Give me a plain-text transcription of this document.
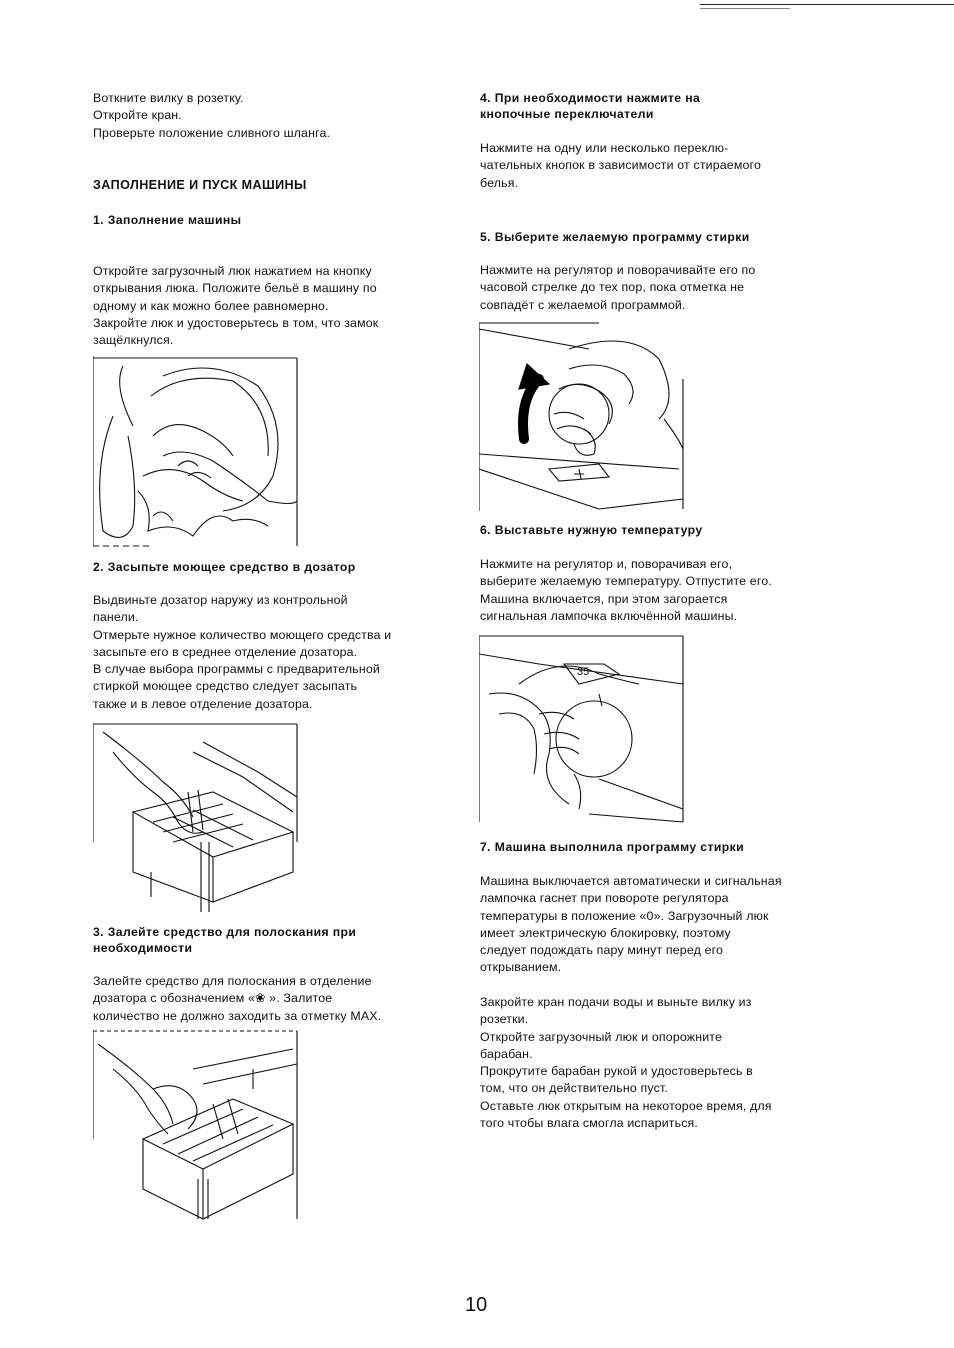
Воткните вилку в розетку.
Откройте кран.
Проверьте положение сливного шланга.

ЗАПОЛНЕНИЕ И ПУСК МАШИНЫ
1. Заполнение машины

Откройте загрузочный люк нажатием на кнопку
открывания люка. Положите бельё в машину по
одному и как можно более равномерно.
Закройте люк и удостоверьтесь в том, что замок
защёлкнулся.

2. Засыпьте моющее средство в дозатор

Выдвиньте дозатор наружу из контрольной
панели.
Отмерьте нужное количество моющего средства и
засыпьте его в среднее отделение дозатора.
В случае выбора программы с предварительной
стиркой моющее средство следует засыпать
также и в левое отделение дозатора.

3. Залейте средство для полоскания при
необходимости

Залейте средство для полоскания в отделение
дозатора с обозначением «❀ ». Залитое
количество не должно заходить за отметку MAX.

4. При необходимости нажмите на
кнопочные переключатели

Нажмите на одну или несколько переклю-
чательных кнопок в зависимости от стираемого
белья.

5. Выберите желаемую программу стирки

Нажмите на регулятор и поворачивайте его по
часовой стрелке до тех пор, пока отметка не
совпадёт с желаемой программой.

6. Выставьте нужную температуру

Нажмите на регулятор и, поворачивая его,
выберите желаемую температуру. Отпустите его.
Машина включается, при этом загорается
сигнальная лампочка включённой машины.

35
7. Машина выполнила программу стирки

Машина выключается автоматически и сигнальная
лампочка гаснет при повороте регулятора
температуры в положение «0». Загрузочный люк
имеет электрическую блокировку, поэтому
следует подождать пару минут перед его
открыванием.

Закройте кран подачи воды и выньте вилку из
розетки.
Откройте загрузочный люк и опорожните
барабан.
Прокрутите барабан рукой и удостоверьтесь в
том, что он действительно пуст.
Оставьте люк открытым на некоторое время, для
того чтобы влага смогла испариться.

10
